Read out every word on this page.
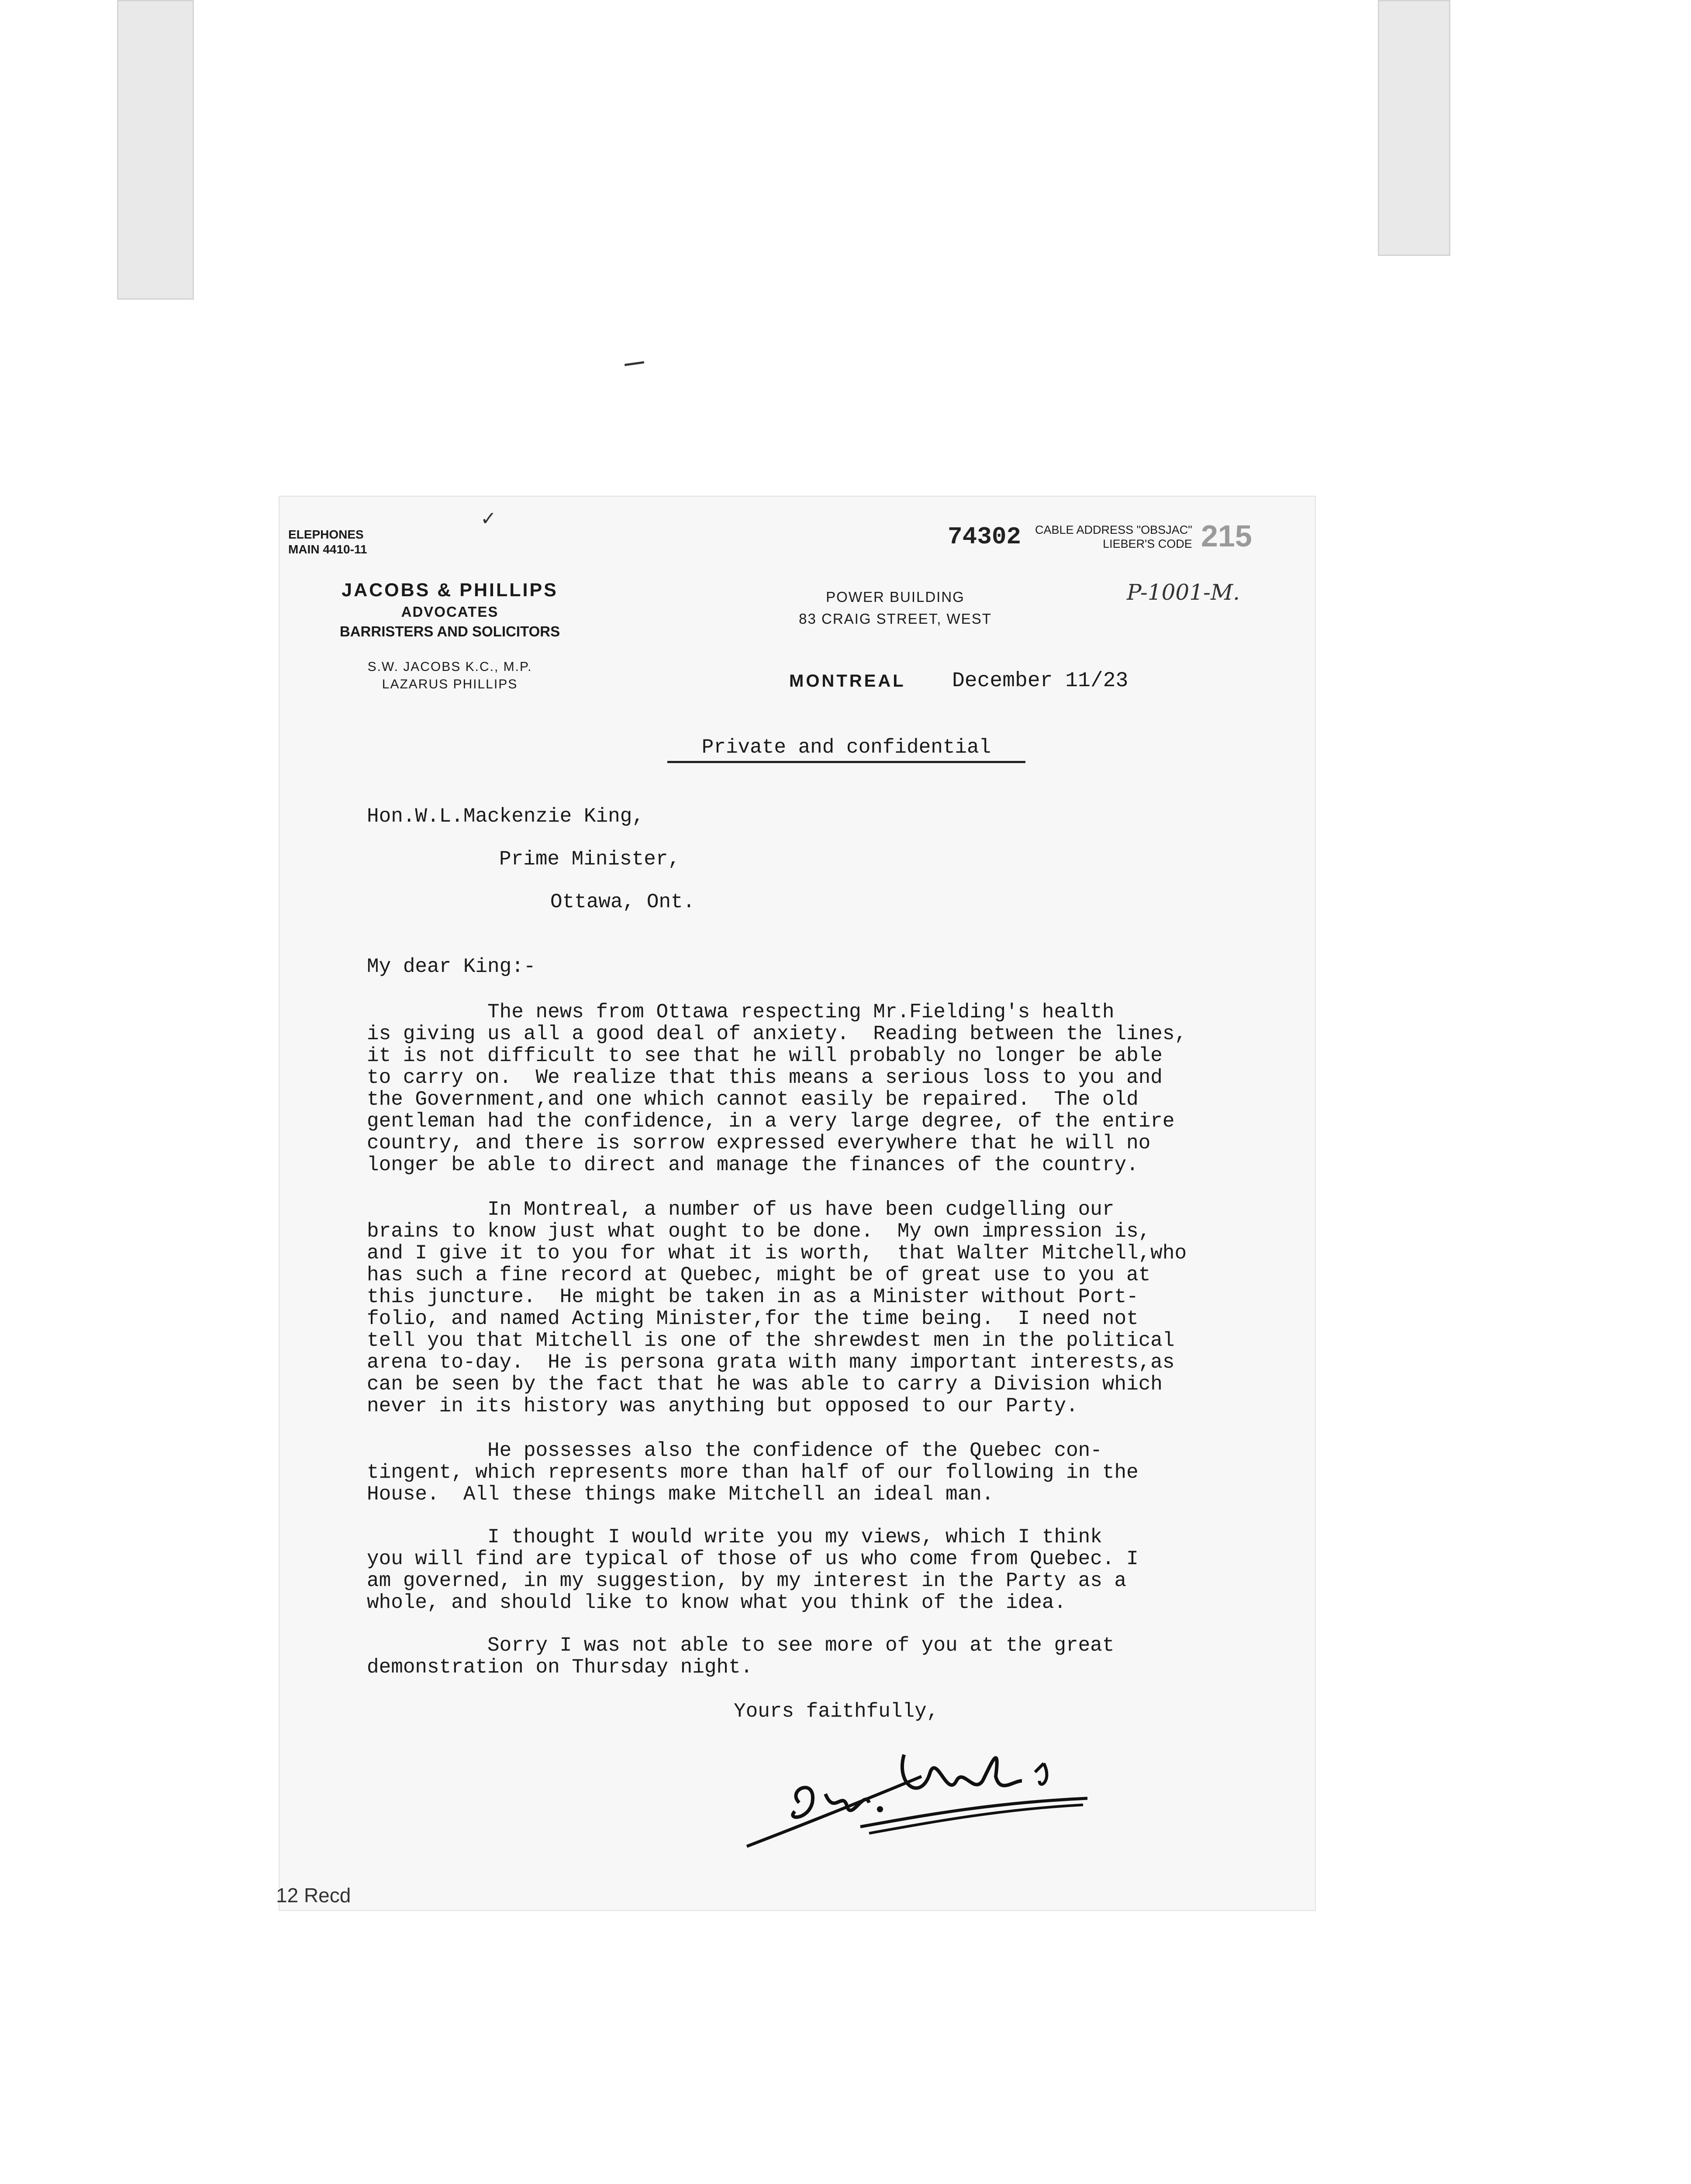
ELEPHONES
MAIN 4410-11
JACOBS & PHILLIPS
ADVOCATES
BARRISTERS AND SOLICITORS
S.W. JACOBS K.C., M.P.
LAZARUS PHILLIPS
POWER BUILDING
83 CRAIG STREET, WEST
✓
74302 CABLE ADDRESS "OBSJAC"
LIEBER'S CODE 215
P-1001-M.
MONTREAL December 11/23
Private and confidential
Hon.W.L.Mackenzie King,
Prime Minister,
Ottawa, Ont.
My dear King:-
The news from Ottawa respecting Mr.Fielding's health
is giving us all a good deal of anxiety.  Reading between the lines,
it is not difficult to see that he will probably no longer be able
to carry on.  We realize that this means a serious loss to you and
the Government,and one which cannot easily be repaired.  The old
gentleman had the confidence, in a very large degree, of the entire
country, and there is sorrow expressed everywhere that he will no
longer be able to direct and manage the finances of the country.
In Montreal, a number of us have been cudgelling our
brains to know just what ought to be done.  My own impression is,
and I give it to you for what it is worth,  that Walter Mitchell,who
has such a fine record at Quebec, might be of great use to you at
this juncture.  He might be taken in as a Minister without Port-
folio, and named Acting Minister,for the time being.  I need not
tell you that Mitchell is one of the shrewdest men in the political
arena to-day.  He is persona grata with many important interests,as
can be seen by the fact that he was able to carry a Division which
never in its history was anything but opposed to our Party.
He possesses also the confidence of the Quebec con-
tingent, which represents more than half of our following in the
House.  All these things make Mitchell an ideal man.
I thought I would write you my views, which I think
you will find are typical of those of us who come from Quebec. I
am governed, in my suggestion, by my interest in the Party as a
whole, and should like to know what you think of the idea.
Sorry I was not able to see more of you at the great
demonstration on Thursday night.
Yours faithfully,
12 Recd
